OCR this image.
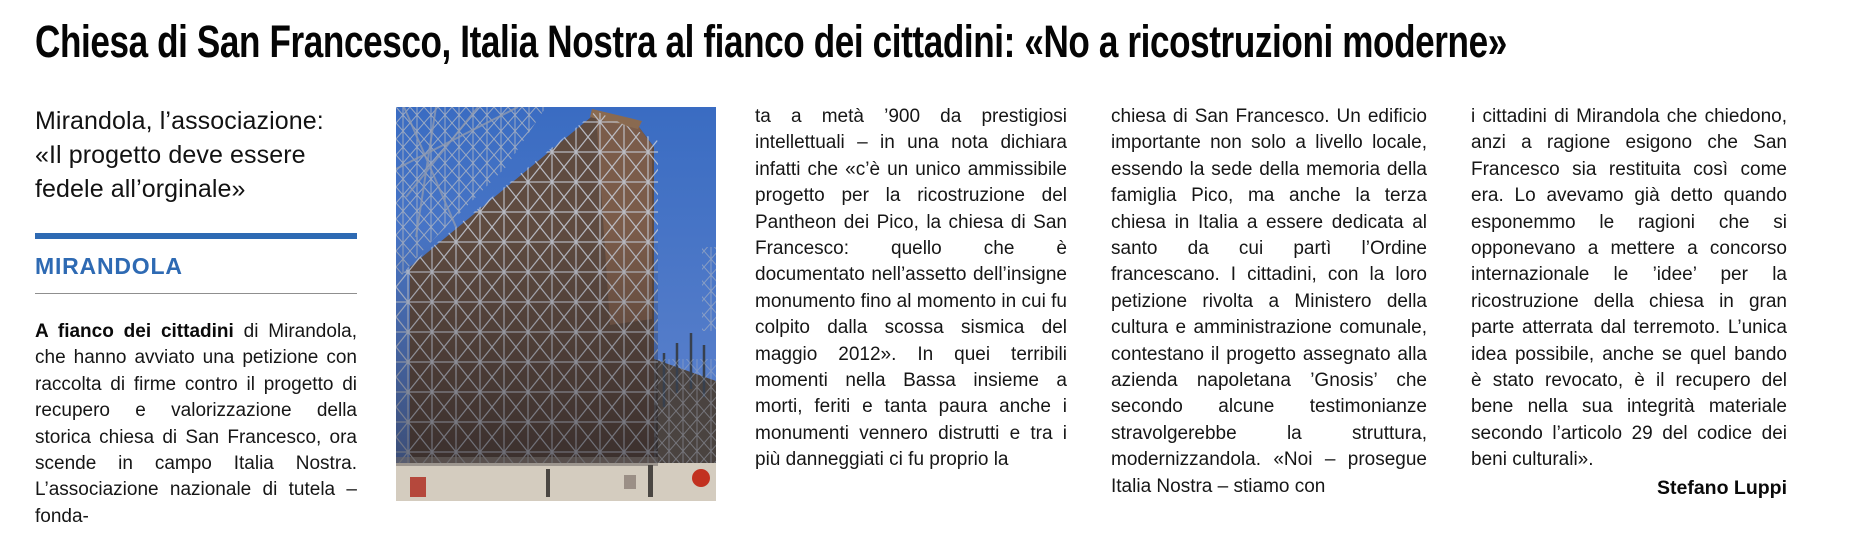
Chiesa di San Francesco, Italia Nostra al fianco dei cittadini: «No a ricostruzioni moderne»

Mirandola, l’associazione: «Il progetto deve essere fedele all’orginale»

MIRANDOLA

A fianco dei cittadini di Mirandola, che hanno avviato una petizione con raccolta di firme contro il progetto di recupero e valorizzazione della storica chiesa di San Francesco, ora scende in campo Italia Nostra. L’associazione nazionale di tutela – fonda-

ta a metà ’900 da prestigiosi intellettuali – in una nota dichiara infatti che «c’è un unico ammissibile progetto per la ricostruzione del Pantheon dei Pico, la chiesa di San Francesco: quello che è documentato nell’assetto dell’insigne monumento fino al momento in cui fu colpito dalla scossa sismica del maggio 2012». In quei terribili momenti nella Bassa insieme a morti, feriti e tanta paura anche i monumenti vennero distrutti e tra i più danneggiati ci fu proprio la

chiesa di San Francesco. Un edificio importante non solo a livello locale, essendo la sede della memoria della famiglia Pico, ma anche la terza chiesa in Italia a essere dedicata al santo da cui partì l’Ordine francescano. I cittadini, con la loro petizione rivolta a Ministero della cultura e amministrazione comunale, contestano il progetto assegnato alla azienda napoletana ’Gnosis’ che secondo alcune testimonianze stravolgerebbe la struttura, modernizzandola. «Noi – prosegue Italia Nostra – stiamo con

i cittadini di Mirandola che chiedono, anzi a ragione esigono che San Francesco sia restituita così come era. Lo avevamo già detto quando esponemmo le ragioni che si opponevano a mettere a concorso internazionale le ’idee’ per la ricostruzione della chiesa in gran parte atterrata dal terremoto. L’unica idea possibile, anche se quel bando è stato revocato, è il recupero del bene nella sua integrità materiale secondo l’articolo 29 del codice dei beni culturali».

Stefano Luppi
